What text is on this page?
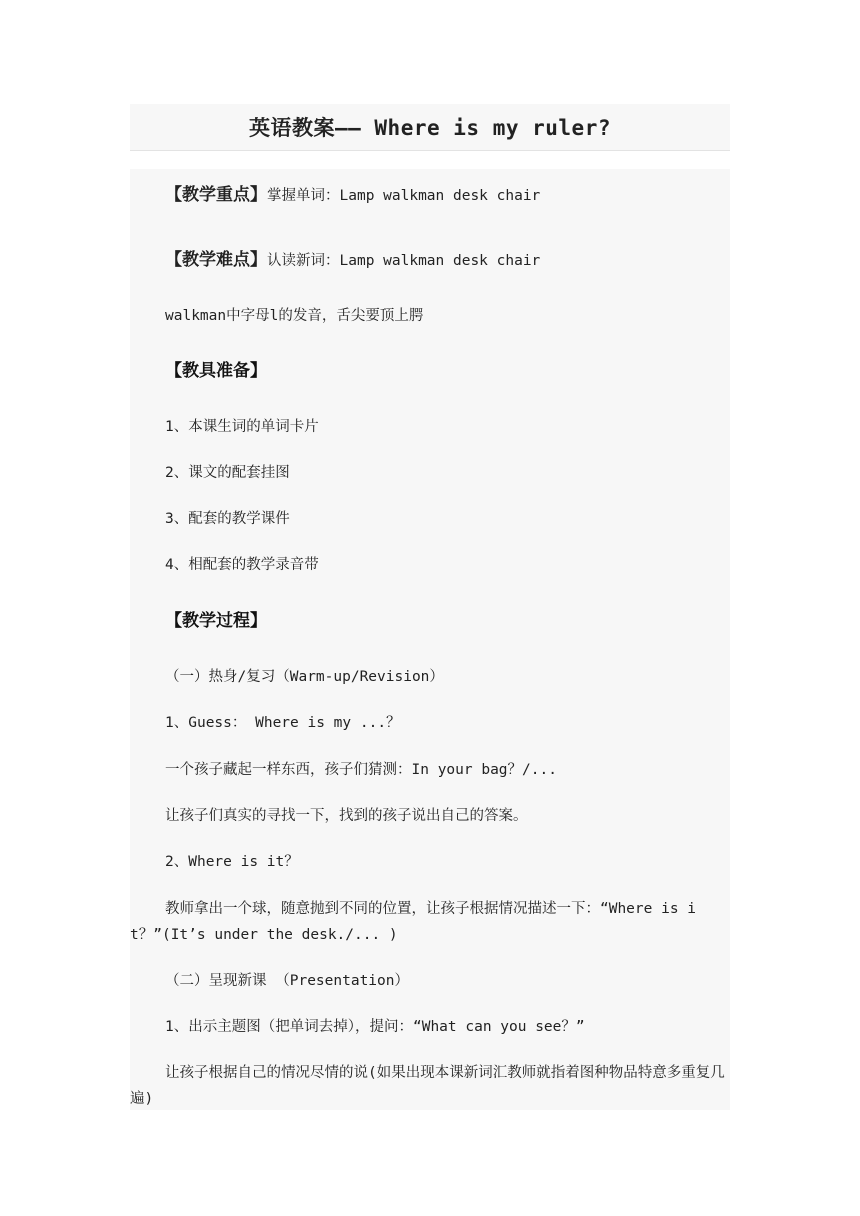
英语教案—— Where is my ruler?
【教学重点】掌握单词：Lamp walkman desk chair
【教学难点】认读新词：Lamp walkman desk chair
walkman中字母l的发音，舌尖要顶上腭
【教具准备】
1、本课生词的单词卡片
2、课文的配套挂图
3、配套的教学课件
4、相配套的教学录音带
【教学过程】
（一）热身/复习（Warm-up/Revision）
1、Guess： Where is my ...？
一个孩子藏起一样东西，孩子们猜测：In your bag？/...
让孩子们真实的寻找一下，找到的孩子说出自己的答案。
2、Where is it？
教师拿出一个球，随意抛到不同的位置，让孩子根据情况描述一下：“Where is it？”(It’s under the desk./... )
（二）呈现新课 （Presentation）
1、出示主题图（把单词去掉），提问：“What can you see？”
让孩子根据自己的情况尽情的说(如果出现本课新词汇教师就指着图种物品特意多重复几遍)
